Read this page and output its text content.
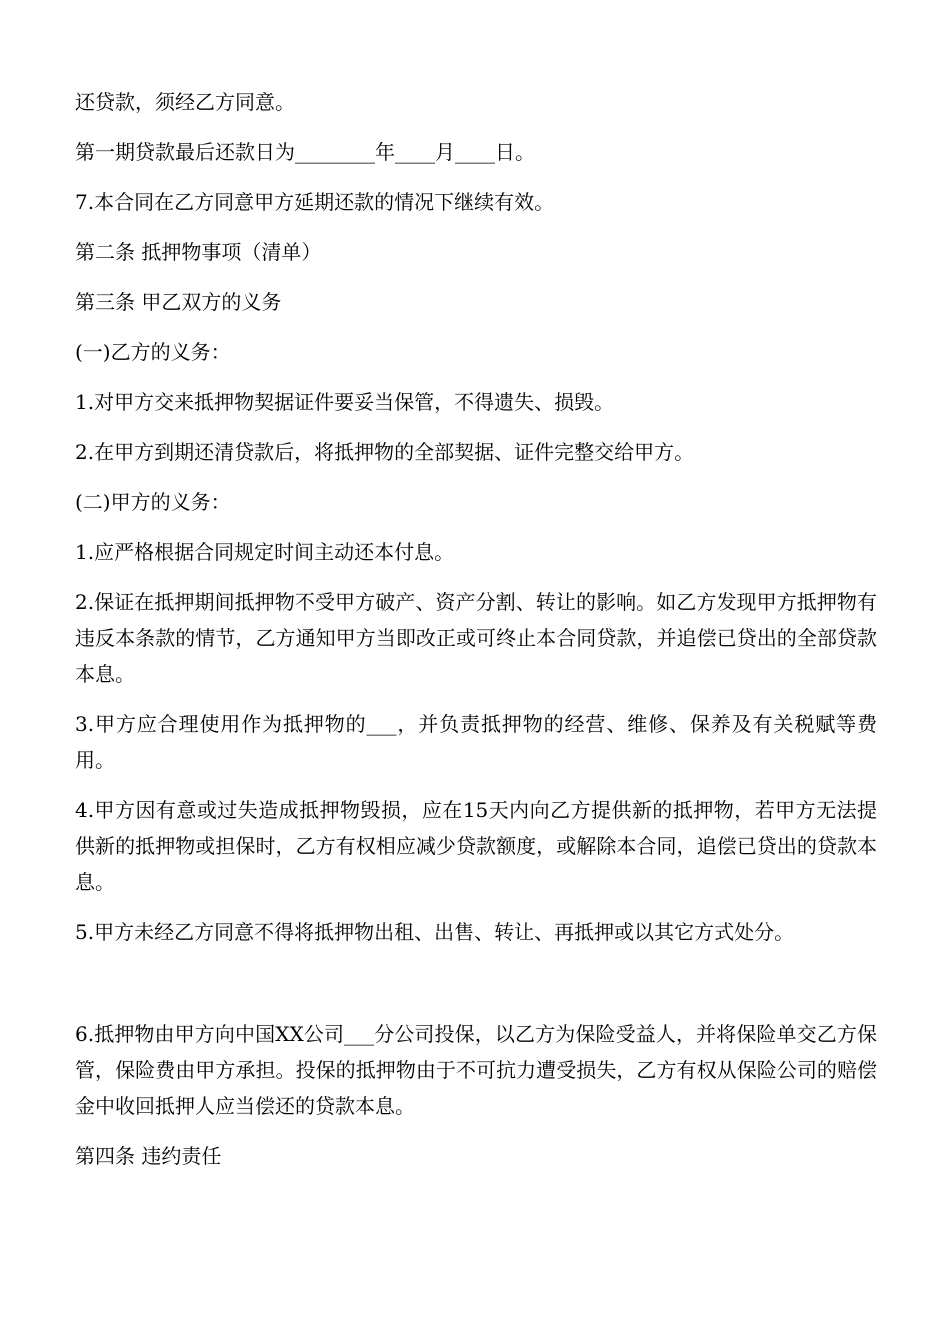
还贷款，须经乙方同意。

第一期贷款最后还款日为________年____月____日。

7.本合同在乙方同意甲方延期还款的情况下继续有效。

第二条 抵押物事项（清单）

第三条 甲乙双方的义务

(一)乙方的义务：

1.对甲方交来抵押物契据证件要妥当保管，不得遗失、损毁。

2.在甲方到期还清贷款后，将抵押物的全部契据、证件完整交给甲方。

(二)甲方的义务：

1.应严格根据合同规定时间主动还本付息。

2.保证在抵押期间抵押物不受甲方破产、资产分割、转让的影响。如乙方发现甲方抵押物有违反本条款的情节，乙方通知甲方当即改正或可终止本合同贷款，并追偿已贷出的全部贷款本息。

3.甲方应合理使用作为抵押物的___，并负责抵押物的经营、维修、保养及有关税赋等费用。

4.甲方因有意或过失造成抵押物毁损，应在15天内向乙方提供新的抵押物，若甲方无法提供新的抵押物或担保时，乙方有权相应减少贷款额度，或解除本合同，追偿已贷出的贷款本息。

5.甲方未经乙方同意不得将抵押物出租、出售、转让、再抵押或以其它方式处分。

6.抵押物由甲方向中国XX公司___分公司投保，以乙方为保险受益人，并将保险单交乙方保管，保险费由甲方承担。投保的抵押物由于不可抗力遭受损失，乙方有权从保险公司的赔偿金中收回抵押人应当偿还的贷款本息。

第四条 违约责任
